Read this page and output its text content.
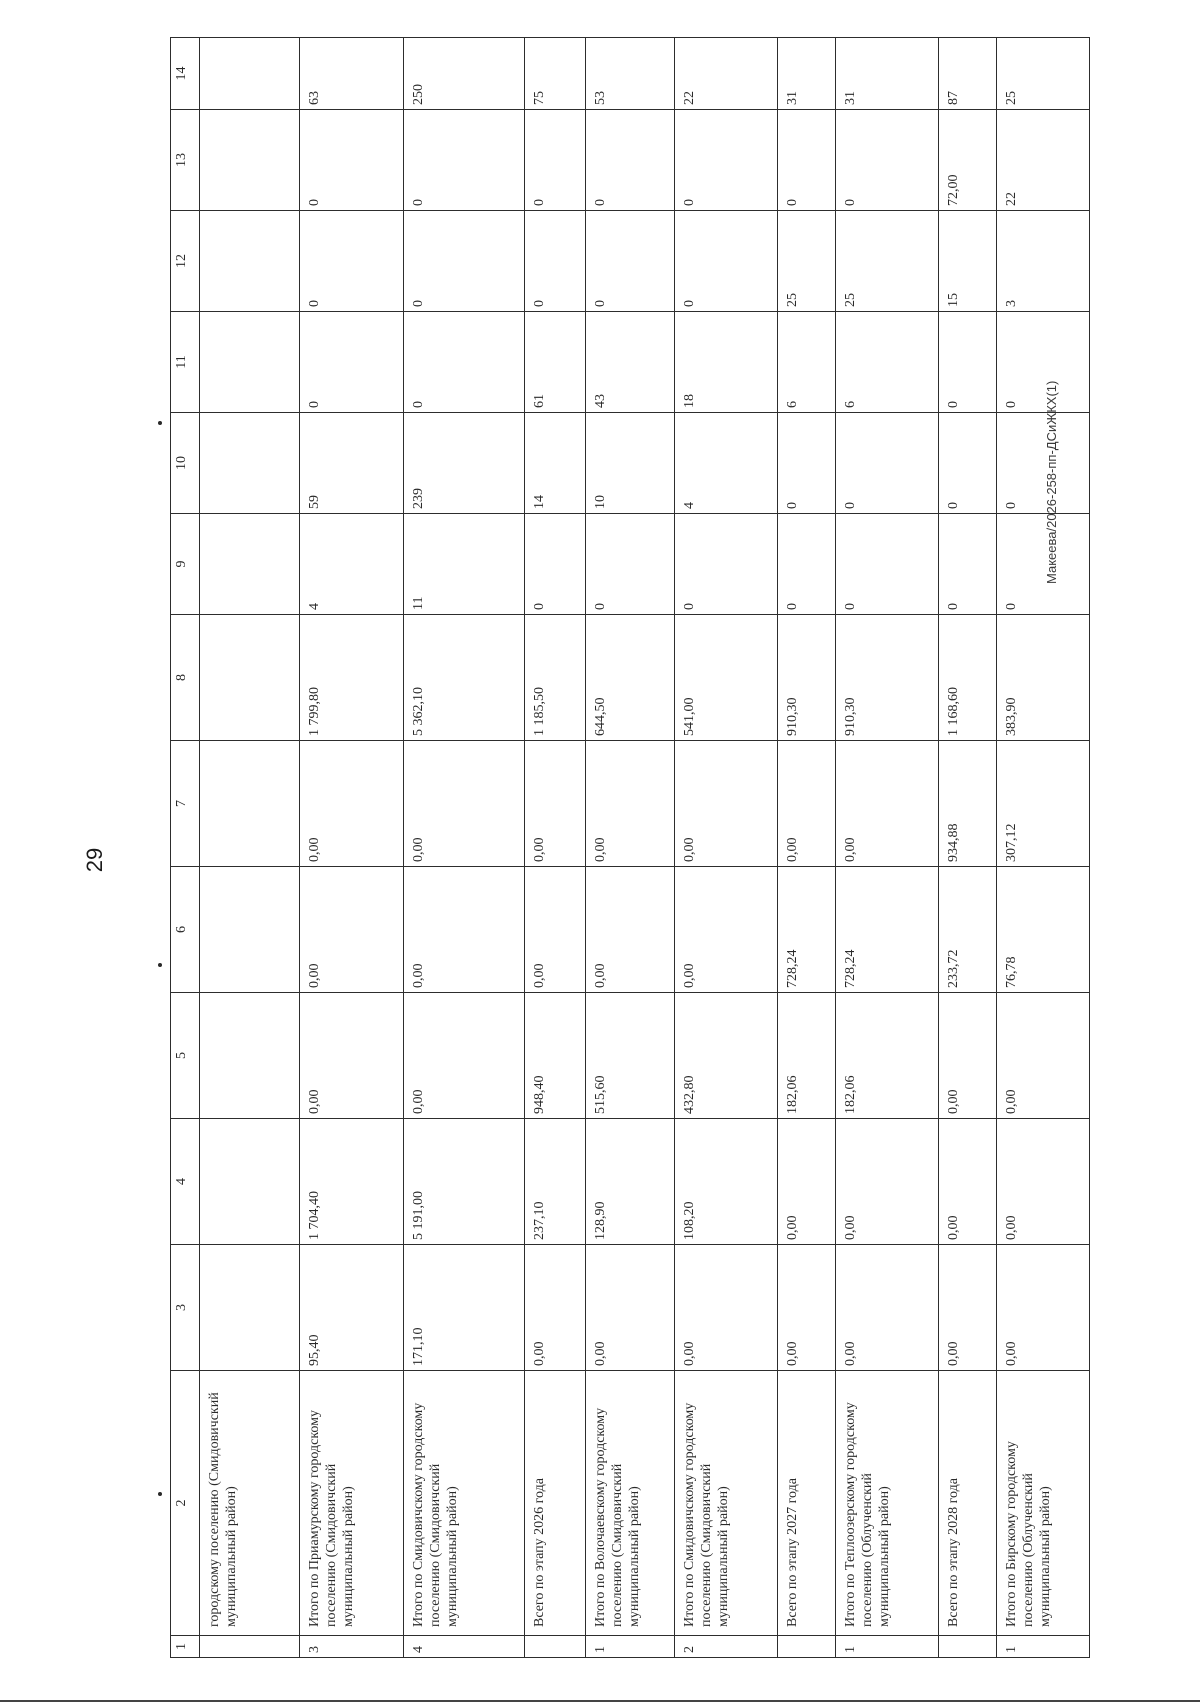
29
Макеева/2026-258-пп-ДСиЖКХ(1)
1	2	3	4	5	6	7	8	9	10	11	12	13	14
	городскому поселению (Смидовичский муниципальный район)												
3	Итого по Приамурскому городскому поселению (Смидовичский муниципальный район)	95,40	1 704,40	0,00	0,00	0,00	1 799,80	4	59	0	0	0	63
4	Итого по Смидовичскому городскому поселению (Смидовичский муниципальный район)	171,10	5 191,00	0,00	0,00	0,00	5 362,10	11	239	0	0	0	250
	Всего по этапу 2026 года	0,00	237,10	948,40	0,00	0,00	1 185,50	0	14	61	0	0	75
1	Итого по Волочаевскому городскому поселению (Смидовичский муниципальный район)	0,00	128,90	515,60	0,00	0,00	644,50	0	10	43	0	0	53
2	Итого по Смидовичскому городскому поселению (Смидовичский муниципальный район)	0,00	108,20	432,80	0,00	0,00	541,00	0	4	18	0	0	22
	Всего по этапу 2027 года	0,00	0,00	182,06	728,24	0,00	910,30	0	0	6	25	0	31
1	Итого по Теплоозерскому городскому поселению (Облученский муниципальный район)	0,00	0,00	182,06	728,24	0,00	910,30	0	0	6	25	0	31
	Всего по этапу 2028 года	0,00	0,00	0,00	233,72	934,88	1 168,60	0	0	0	15	72,00	87
1	Итого по Бирскому городскому поселению (Облученский муниципальный район)	0,00	0,00	0,00	76,78	307,12	383,90	0	0	0	3	22	25
